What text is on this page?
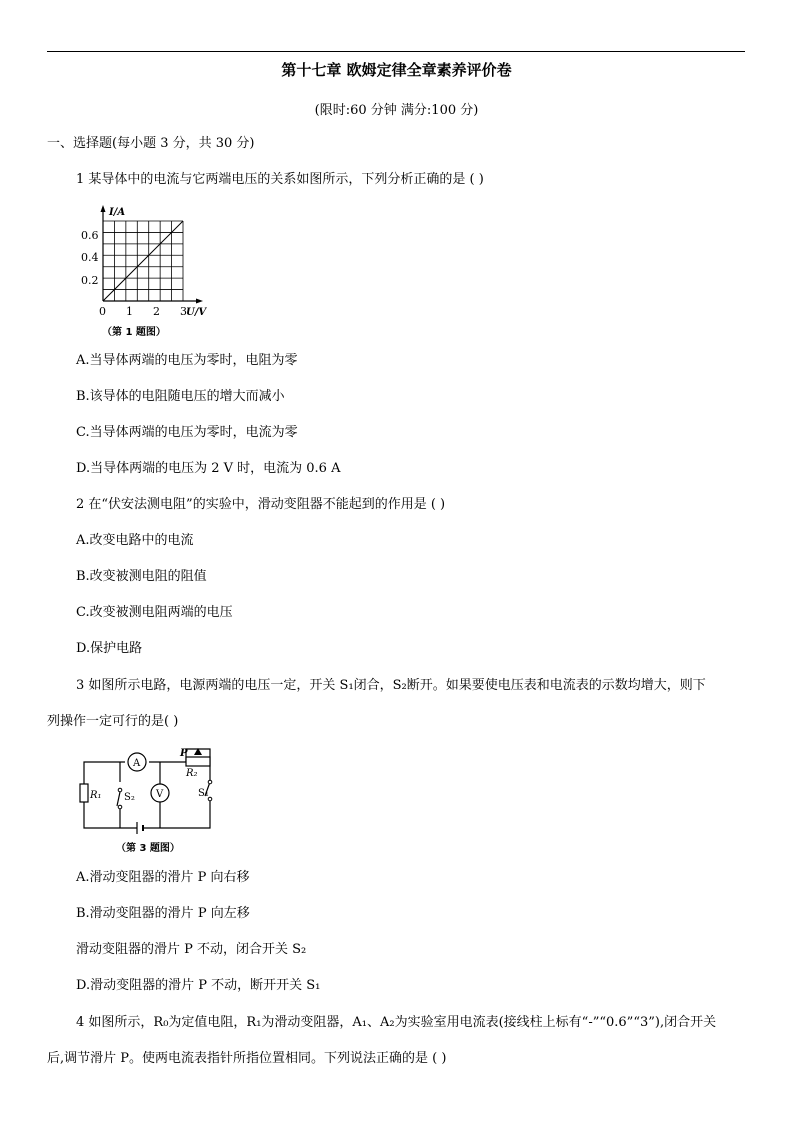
第十七章 欧姆定律全章素养评价卷
(限时:60 分钟 满分:100 分)
一、选择题(每小题 3 分，共 30 分)
1 某导体中的电流与它两端电压的关系如图所示，下列分析正确的是 ( )
I/A
U/V
0.6
0.4
0.2
0 1 2 3
（第 1 题图）
A.当导体两端的电压为零时，电阻为零
B.该导体的电阻随电压的增大而减小
C.当导体两端的电压为零时，电流为零
D.当导体两端的电压为 2 V 时，电流为 0.6 A
2 在“伏安法测电阻”的实验中，滑动变阻器不能起到的作用是 ( )
A.改变电路中的电流
B.改变被测电阻的阻值
C.改变被测电阻两端的电压
D.保护电路
3 如图所示电路，电源两端的电压一定，开关 S₁闭合，S₂断开。如果要使电压表和电流表的示数均增大，则下
列操作一定可行的是( )
A
V
R₁
R₂
P
S₂	S₁
（第 3 题图）
A.滑动变阻器的滑片 P 向右移
B.滑动变阻器的滑片 P 向左移
滑动变阻器的滑片 P 不动，闭合开关 S₂
D.滑动变阻器的滑片 P 不动，断开开关 S₁
4 如图所示，R₀为定值电阻，R₁为滑动变阻器，A₁、A₂为实验室用电流表(接线柱上标有“-”“0.6”“3”),闭合开关
后,调节滑片 P。使两电流表指针所指位置相同。下列说法正确的是 ( )
